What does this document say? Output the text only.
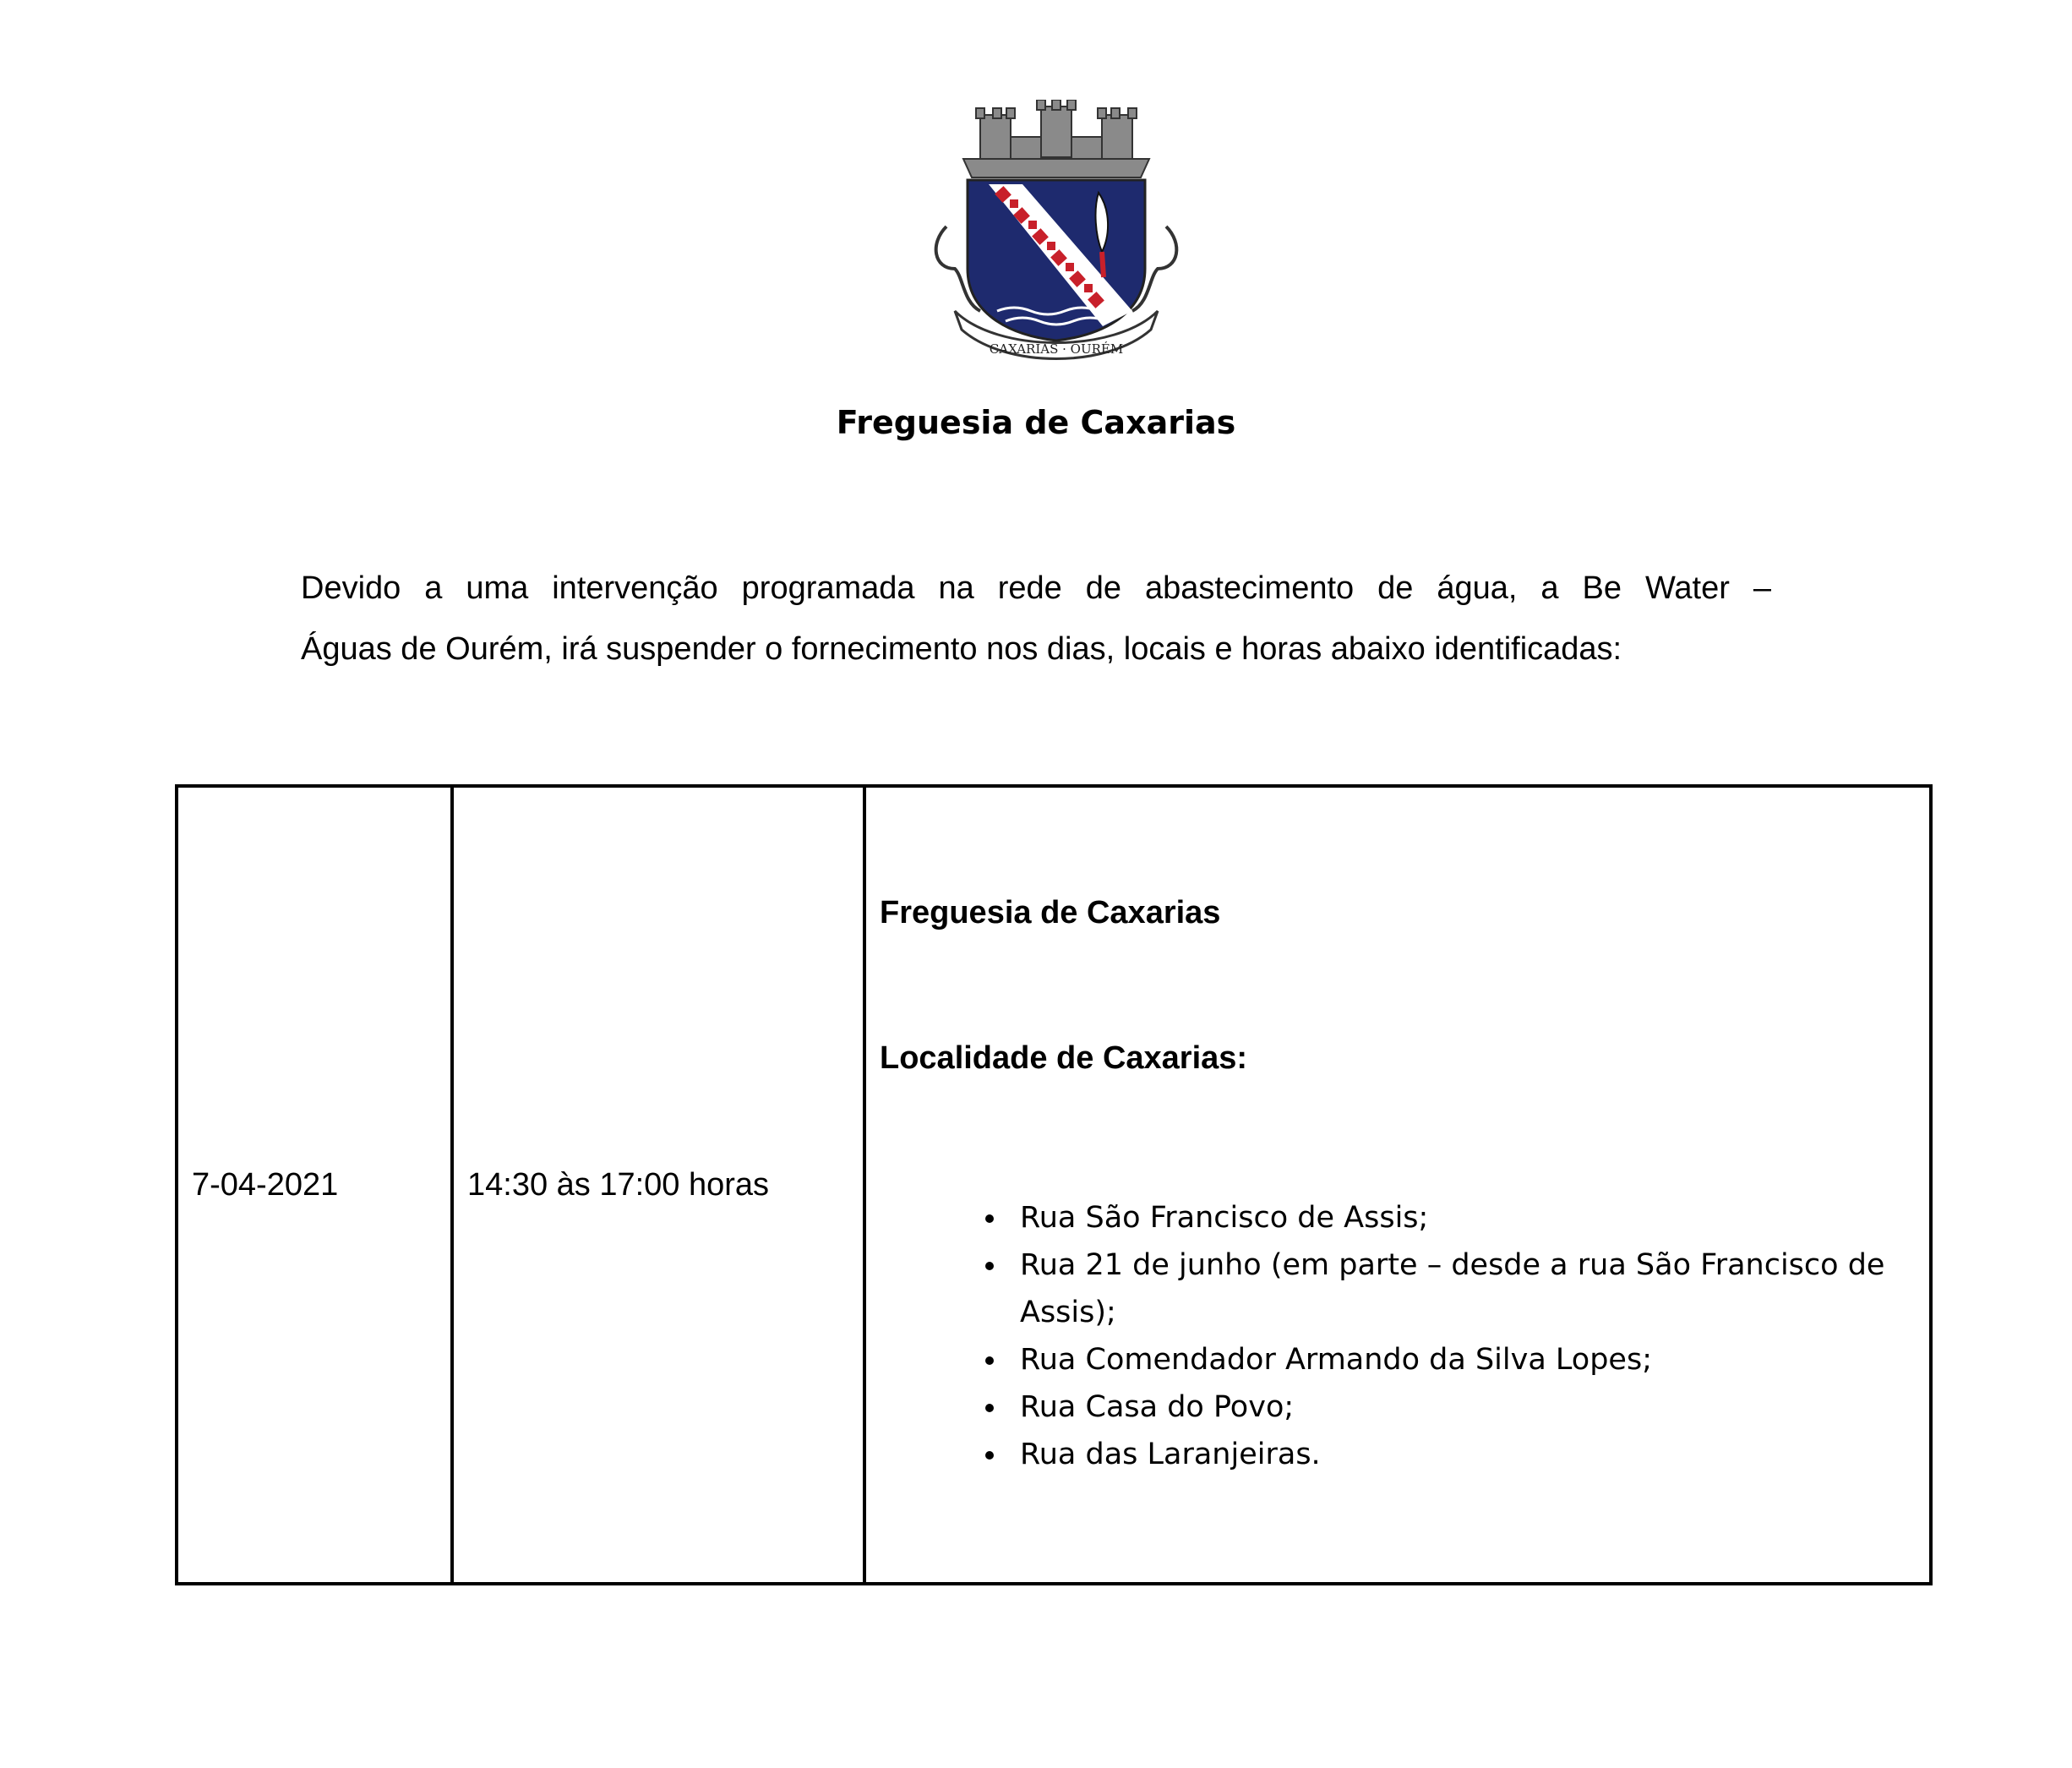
CAXARIAS · OURÉM
Freguesia de Caxarias
Devido a uma intervenção programada na rede de abastecimento de água, a Be Water –
Águas de Ourém, irá suspender o fornecimento nos dias, locais e horas abaixo identificadas:
7-04-2021	14:30 às 17:00 horas	

Freguesia de Caxarias

Localidade de Caxarias:

• Rua São Francisco de Assis;
• Rua 21 de junho (em parte – desde a rua São Francisco de Assis);
• Rua Comendador Armando da Silva Lopes;
• Rua Casa do Povo;
• Rua das Laranjeiras.
